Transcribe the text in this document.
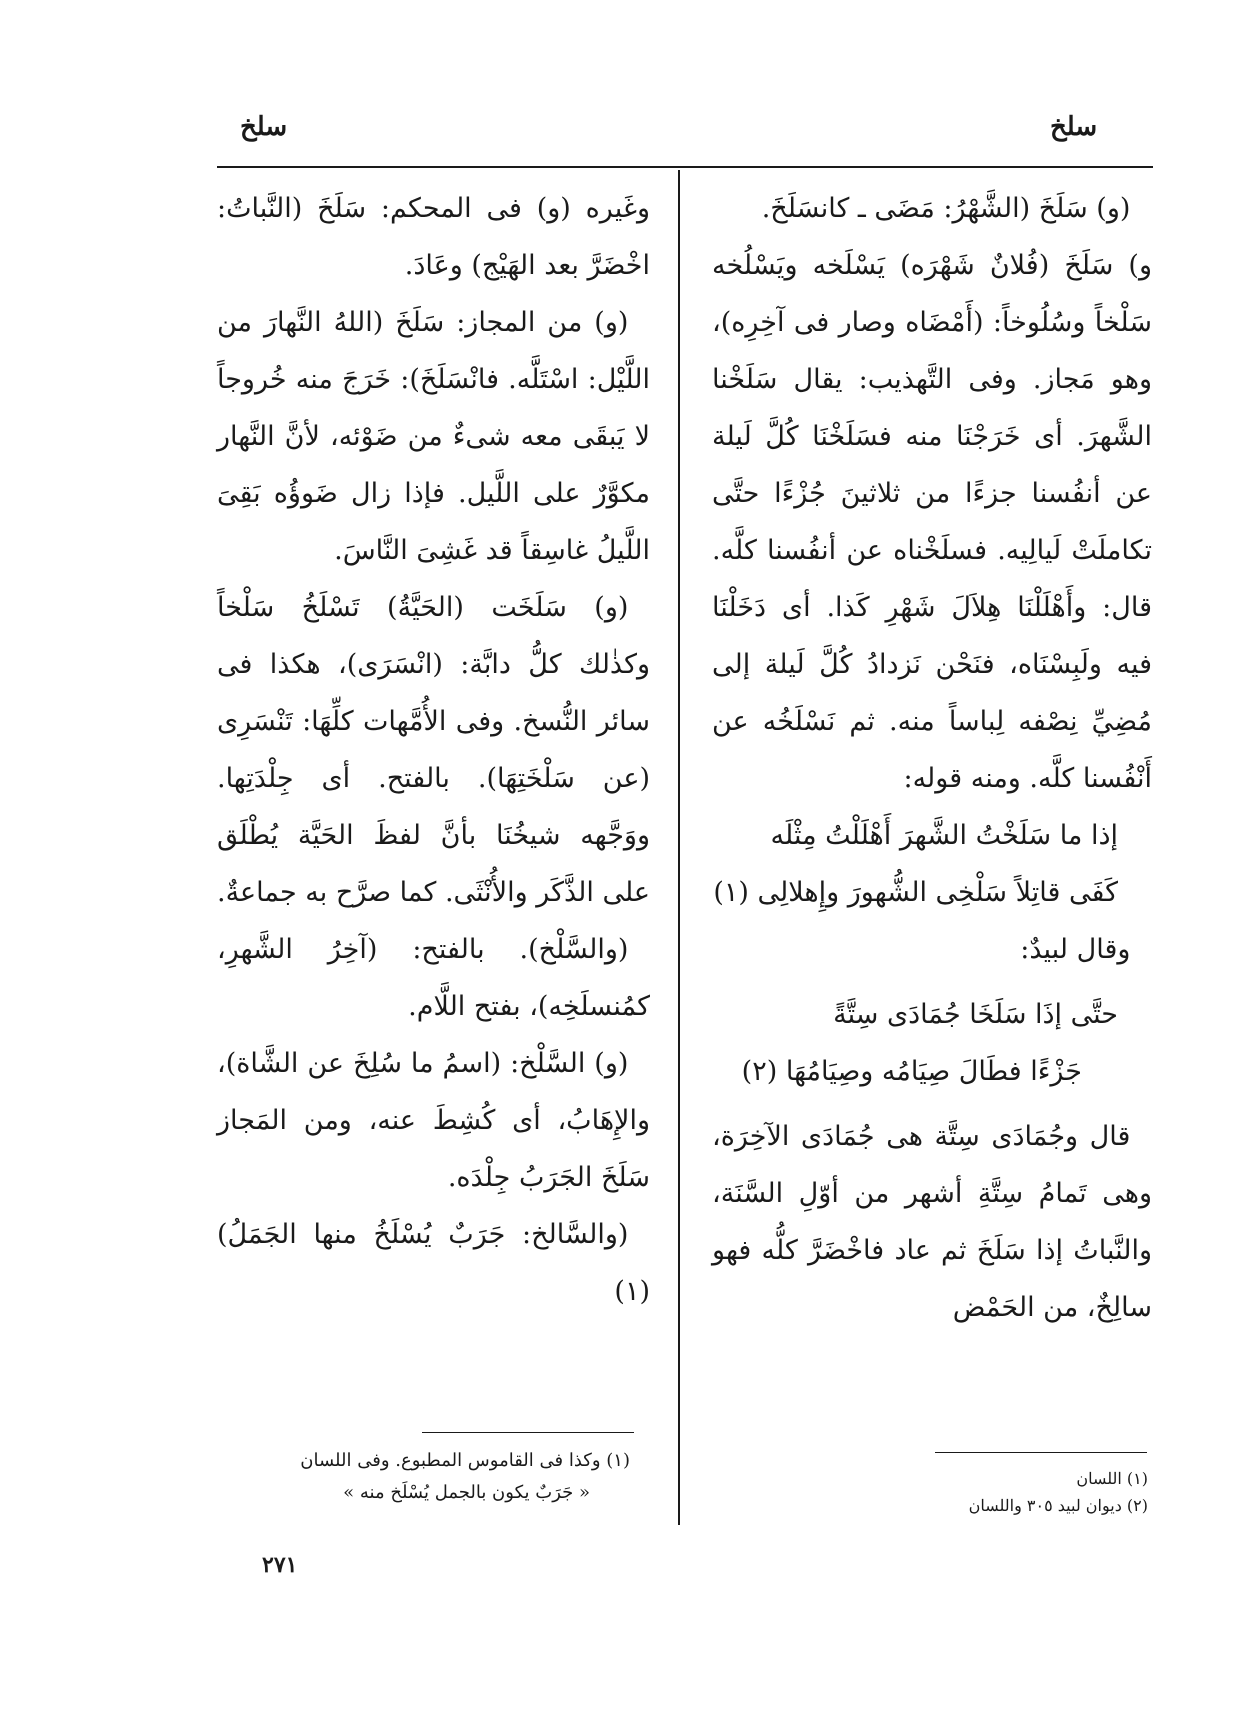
سلخ
سلخ

(و) سَلَخَ (الشَّهْرُ: مَضَى ـ كانسَلَخَ.

و) سَلَخَ (فُلانٌ شَهْرَه) يَسْلَخه ويَسْلُخه سَلْخاً وسُلُوخاً: (أَمْضَاه وصار فى آخِرِه)، وهو مَجاز. وفى التَّهذيب: يقال سَلَخْنا الشَّهرَ. أى خَرَجْنَا منه فسَلَخْنَا كُلَّ لَيلة عن أنفُسنا جزءًا من ثلاثينَ جُزْءًا حتَّى تكاملَتْ لَيالِيه. فسلَخْناه عن أنفُسنا كلَّه. قال: وأَهْلَلْنَا هِلاَلَ شَهْرِ كَذا. أى دَخَلْنَا فيه ولَبِسْنَاه، فنَحْن نَزدادُ كُلَّ لَيلة إلى مُضِيِّ نِصْفه لِباساً منه. ثم نَسْلَخُه عن أَنْفُسنا كلَّه. ومنه قوله:

إذا ما سَلَخْتُ الشَّهرَ أَهْلَلْتُ مِثْلَه

كَفَى قاتِلاً سَلْخِى الشُّهورَ وإِهلالِى (١)

وقال لبيدٌ:

حتَّى إذَا سَلَخَا جُمَادَى سِتَّةً

جَزْءًا فطَالَ صِيَامُه وصِيَامُهَا (٢)

قال وجُمَادَى سِتَّة هى جُمَادَى الآخِرَة، وهى تَمامُ سِتَّةِ أشهر من أوّلِ السَّنَة، والنَّباتُ إذا سَلَخَ ثم عاد فاخْضَرَّ كلُّه فهو سالِخٌ، من الحَمْض

وغَيره (و) فى المحكم: سَلَخَ (النَّباتُ: اخْضَرَّ بعد الهَيْج) وعَادَ.

(و) من المجاز: سَلَخَ (اللهُ النَّهارَ من اللَّيْل: اسْتَلَّه. فانْسَلَخَ): خَرَجَ منه خُروجاً لا يَبقَى معه شىءٌ من ضَوْئه، لأنَّ النَّهار مكوَّرٌ على اللَّيل. فإذا زال ضَوؤُه بَقِىَ اللَّيلُ غاسِقاً قد غَشِىَ النَّاسَ.

(و) سَلَخَت (الحَيَّةُ) تَسْلَخُ سَلْخاً وكذٰلك كلُّ دابَّة: (انْسَرَى)، هكذا فى سائر النُّسخ. وفى الأُمَّهات كلِّهَا: تَنْسَرِى (عن سَلْخَتِهَا). بالفتح. أى جِلْدَتِها. ووَجَّهه شيخُنَا بأنَّ لفظَ الحَيَّة يُطْلَق على الذَّكَر والأُنْثَى. كما صرَّح به جماعةٌ.

(والسَّلْخ). بالفتح: (آخِرُ الشَّهرِ، كمُنسلَخِه)، بفتح اللَّام.

(و) السَّلْخ: (اسمُ ما سُلِخَ عن الشَّاة)، والإِهَابُ، أى كُشِطَ عنه، ومن المَجاز سَلَخَ الجَرَبُ جِلْدَه.

(والسَّالخ: جَرَبٌ يُسْلَخُ منها الجَمَلُ) (١)

(١) وكذا فى القاموس المطبوع. وفى اللسان
« جَرَبٌ يكون بالجمل يُسْلَخ منه »
(١) اللسان
(٢) ديوان لبيد ٣٠٥ واللسان
٢٧١
